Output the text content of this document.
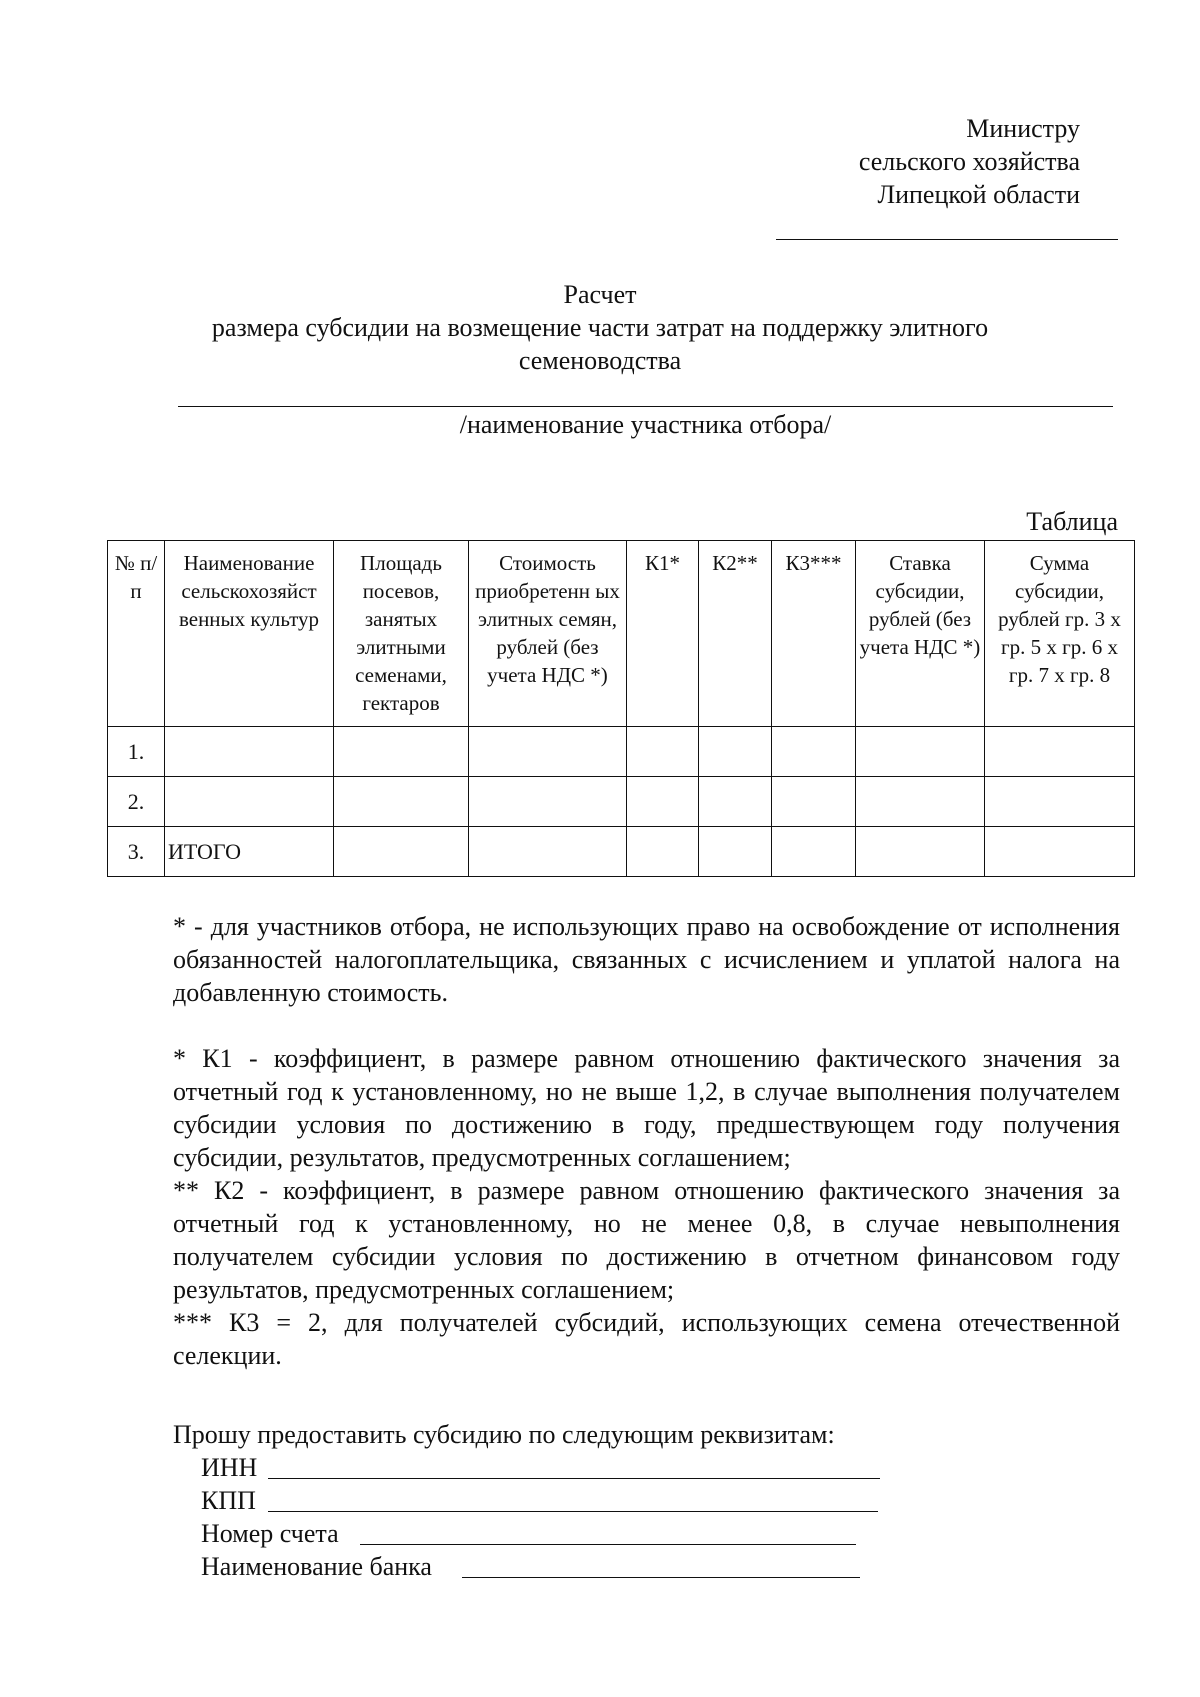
Министру
сельского хозяйства
Липецкой области
Расчет
размера субсидии на возмещение части затрат на поддержку элитного
семеноводства
/наименование участника отбора/
Таблица
№ п/п	Наименование сельскохозяйст венных культур	Площадь посевов, занятых элитными семенами, гектаров	Стоимость приобретенн ых элитных семян, рублей (без учета НДС *)	К1*	К2**	К3***	Ставка субсидии, рублей (без учета НДС *)	Сумма субсидии, рублей гр. 3 х гр. 5 х гр. 6 х гр. 7 х гр. 8
1.								
2.								
3.	ИТОГО							

* - для участников отбора, не использующих право на освобождение от исполнения обязанностей налогоплательщика, связанных с исчислением и уплатой налога на добавленную стоимость.

* К1 - коэффициент, в размере равном отношению фактического значения за отчетный год к установленному, но не выше 1,2, в случае выполнения получателем субсидии условия по достижению в году, предшествующем году получения субсидии, результатов, предусмотренных соглашением;

** К2 - коэффициент, в размере равном отношению фактического значения за отчетный год к установленному, но не менее 0,8, в случае невыполнения получателем субсидии условия по достижению в отчетном финансовом году результатов, предусмотренных соглашением;

*** К3 = 2, для получателей субсидий, использующих семена отечественной селекции.

Прошу предоставить субсидию по следующим реквизитам:
ИНН
КПП
Номер счета
Наименование банка
